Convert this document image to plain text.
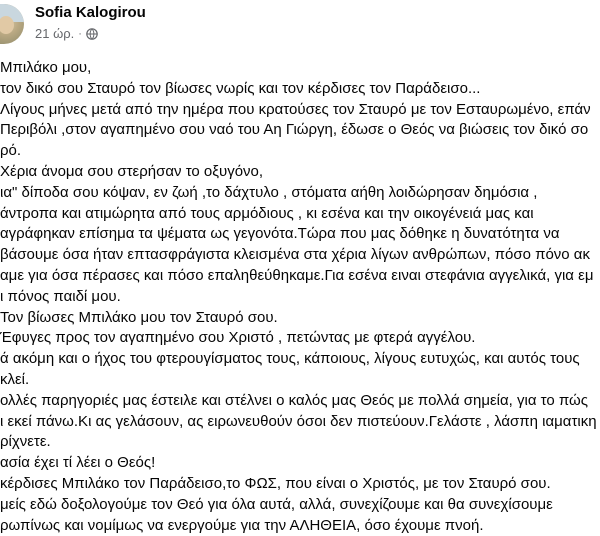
Sofia Kalogirou
21 ώρ. ·
Μπιλάκο μου,
τον δικό σου Σταυρό τον βίωσες νωρίς και τον κέρδισες τον Παράδεισο...
Λίγους μήνες μετά από την ημέρα που κρατούσες τον Σταυρό με τον Εσταυρωμένο, επάν
Περιβόλι ,στον αγαπημένο σου ναό του Αη Γιώργη, έδωσε ο Θεός να βιώσεις τον δικό σο
ρό.
Χέρια άνομα σου στερήσαν το οξυγόνο,
ια" δίποδα σου κόψαν, εν ζωή ,το δάχτυλο , στόματα αήθη λοιδώρησαν δημόσια ,
άντροπα και ατιμώρητα από τους αρμόδιους , κι εσένα και την οικογένειά μας και
αγράφηκαν επίσημα τα ψέματα ως γεγονότα.Τώρα που μας δόθηκε η δυνατότητα να
βάσουμε όσα ήταν επτασφράγιστα κλεισμένα στα χέρια λίγων ανθρώπων, πόσο πόνο ακ
αμε για όσα πέρασες και πόσο επαληθεύθηκαμε.Για εσένα ειναι στεφάνια αγγελικά, για εμ
ι πόνος παιδί μου.
Τον βίωσες Μπιλάκο μου τον Σταυρό σου.
Έφυγες προς τον αγαπημένο σου Χριστό , πετώντας με φτερά αγγέλου.
ά ακόμη και ο ήχος του φτερουγίσματος τους, κάποιους, λίγους ευτυχώς, και αυτός τους
κλεί.
ολλές παρηγοριές μας έστειλε και στέλνει ο καλός μας Θεός με πολλά σημεία, για το πώς
ι εκεί πάνω.Κι ας γελάσουν, ας ειρωνευθούν όσοι δεν πιστεύουν.Γελάστε , λάσπη ιαματικη
ρίχνετε.
ασία έχει τί λέει ο Θεός!
κέρδισες Μπιλάκο τον Παράδεισο,το ΦΩΣ, που είναι ο Χριστός, με τον Σταυρό σου.
μείς εδώ δοξολογούμε τον Θεό για όλα αυτά, αλλά, συνεχίζουμε και θα συνεχίσουμε
ρωπίνως και νομίμως να ενεργούμε για την ΑΛΗΘΕΙΑ, όσο έχουμε πνοή.
